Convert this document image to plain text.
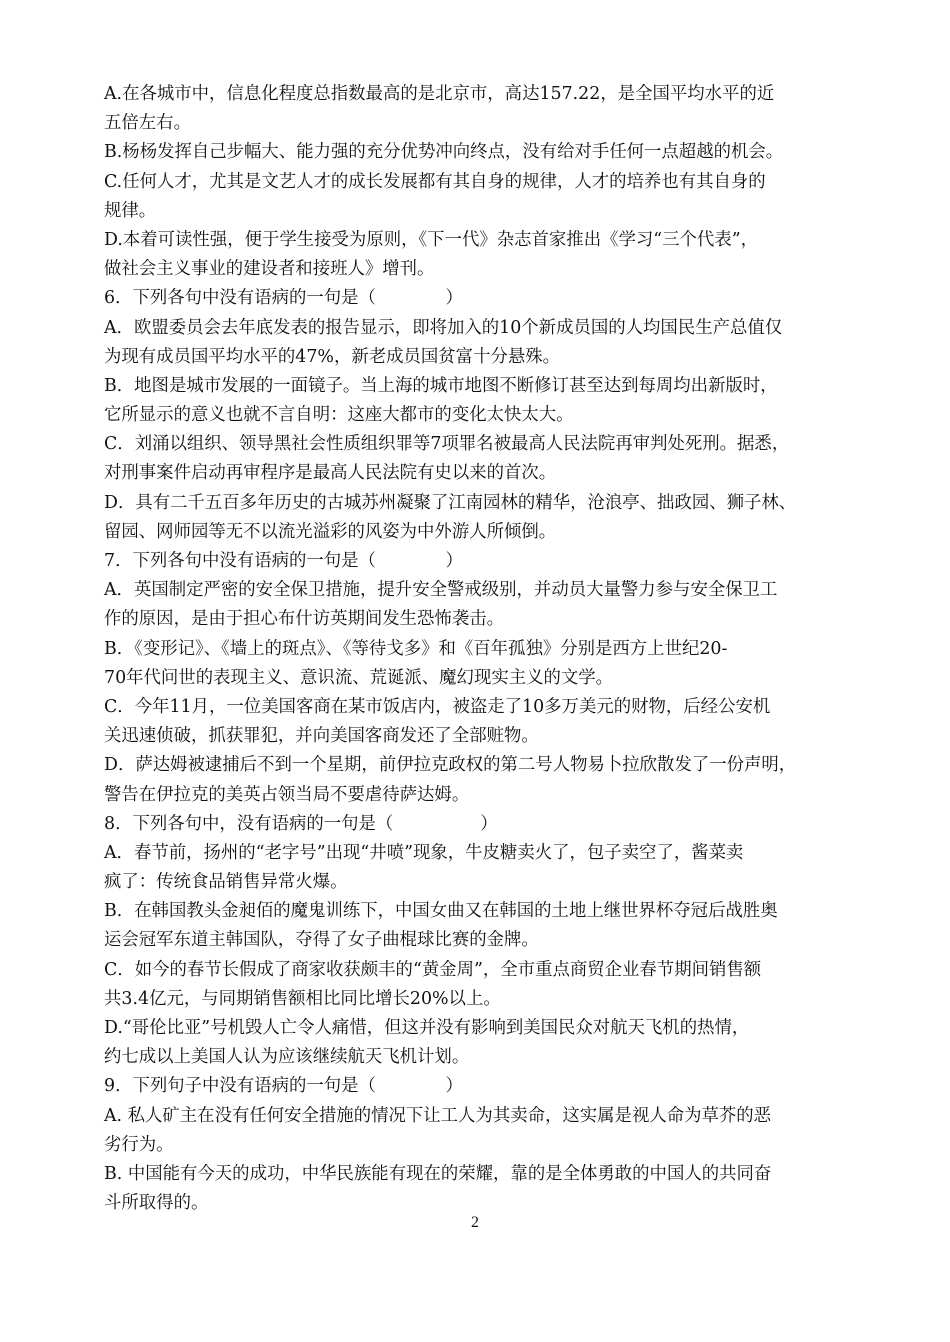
A.在各城市中，信息化程度总指数最高的是北京市，高达157.22，是全国平均水平的近
五倍左右。
B.杨杨发挥自己步幅大、能力强的充分优势冲向终点，没有给对手任何一点超越的机会。
C.任何人才，尤其是文艺人才的成长发展都有其自身的规律，人才的培养也有其自身的
规律。
D.本着可读性强，便于学生接受为原则，《下一代》杂志首家推出《学习“三个代表”，
做社会主义事业的建设者和接班人》增刊。
6．下列各句中没有语病的一句是（　　　　）
A．欧盟委员会去年底发表的报告显示，即将加入的10个新成员国的人均国民生产总值仅
为现有成员国平均水平的47%，新老成员国贫富十分悬殊。
B．地图是城市发展的一面镜子。当上海的城市地图不断修订甚至达到每周均出新版时，
它所显示的意义也就不言自明：这座大都市的变化太快太大。
C．刘涌以组织、领导黑社会性质组织罪等7项罪名被最高人民法院再审判处死刑。据悉，
对刑事案件启动再审程序是最高人民法院有史以来的首次。
D．具有二千五百多年历史的古城苏州凝聚了江南园林的精华，沧浪亭、拙政园、狮子林、
留园、网师园等无不以流光溢彩的风姿为中外游人所倾倒。
7．下列各句中没有语病的一句是（　　　　）
A．英国制定严密的安全保卫措施，提升安全警戒级别，并动员大量警力参与安全保卫工
作的原因，是由于担心布什访英期间发生恐怖袭击。
B．《变形记》、《墙上的斑点》、《等待戈多》和《百年孤独》分别是西方上世纪20-
70年代问世的表现主义、意识流、荒诞派、魔幻现实主义的文学。
C．今年11月，一位美国客商在某市饭店内，被盗走了10多万美元的财物，后经公安机
关迅速侦破，抓获罪犯，并向美国客商发还了全部赃物。
D．萨达姆被逮捕后不到一个星期，前伊拉克政权的第二号人物易卜拉欣散发了一份声明，
警告在伊拉克的美英占领当局不要虐待萨达姆。
8．下列各句中，没有语病的一句是（　　　　　）
A．春节前，扬州的“老字号”出现“井喷”现象，牛皮糖卖火了，包子卖空了，酱菜卖
疯了：传统食品销售异常火爆。
B．在韩国教头金昶佰的魔鬼训练下，中国女曲又在韩国的土地上继世界杯夺冠后战胜奥
运会冠军东道主韩国队，夺得了女子曲棍球比赛的金牌。
C．如今的春节长假成了商家收获颇丰的“黄金周”，全市重点商贸企业春节期间销售额
共3.4亿元，与同期销售额相比同比增长20%以上。
D.“哥伦比亚”号机毁人亡令人痛惜，但这并没有影响到美国民众对航天飞机的热情，
约七成以上美国人认为应该继续航天飞机计划。
9．下列句子中没有语病的一句是（　　　　）
A. 私人矿主在没有任何安全措施的情况下让工人为其卖命，这实属是视人命为草芥的恶
劣行为。
B. 中国能有今天的成功，中华民族能有现在的荣耀，靠的是全体勇敢的中国人的共同奋
斗所取得的。
2
